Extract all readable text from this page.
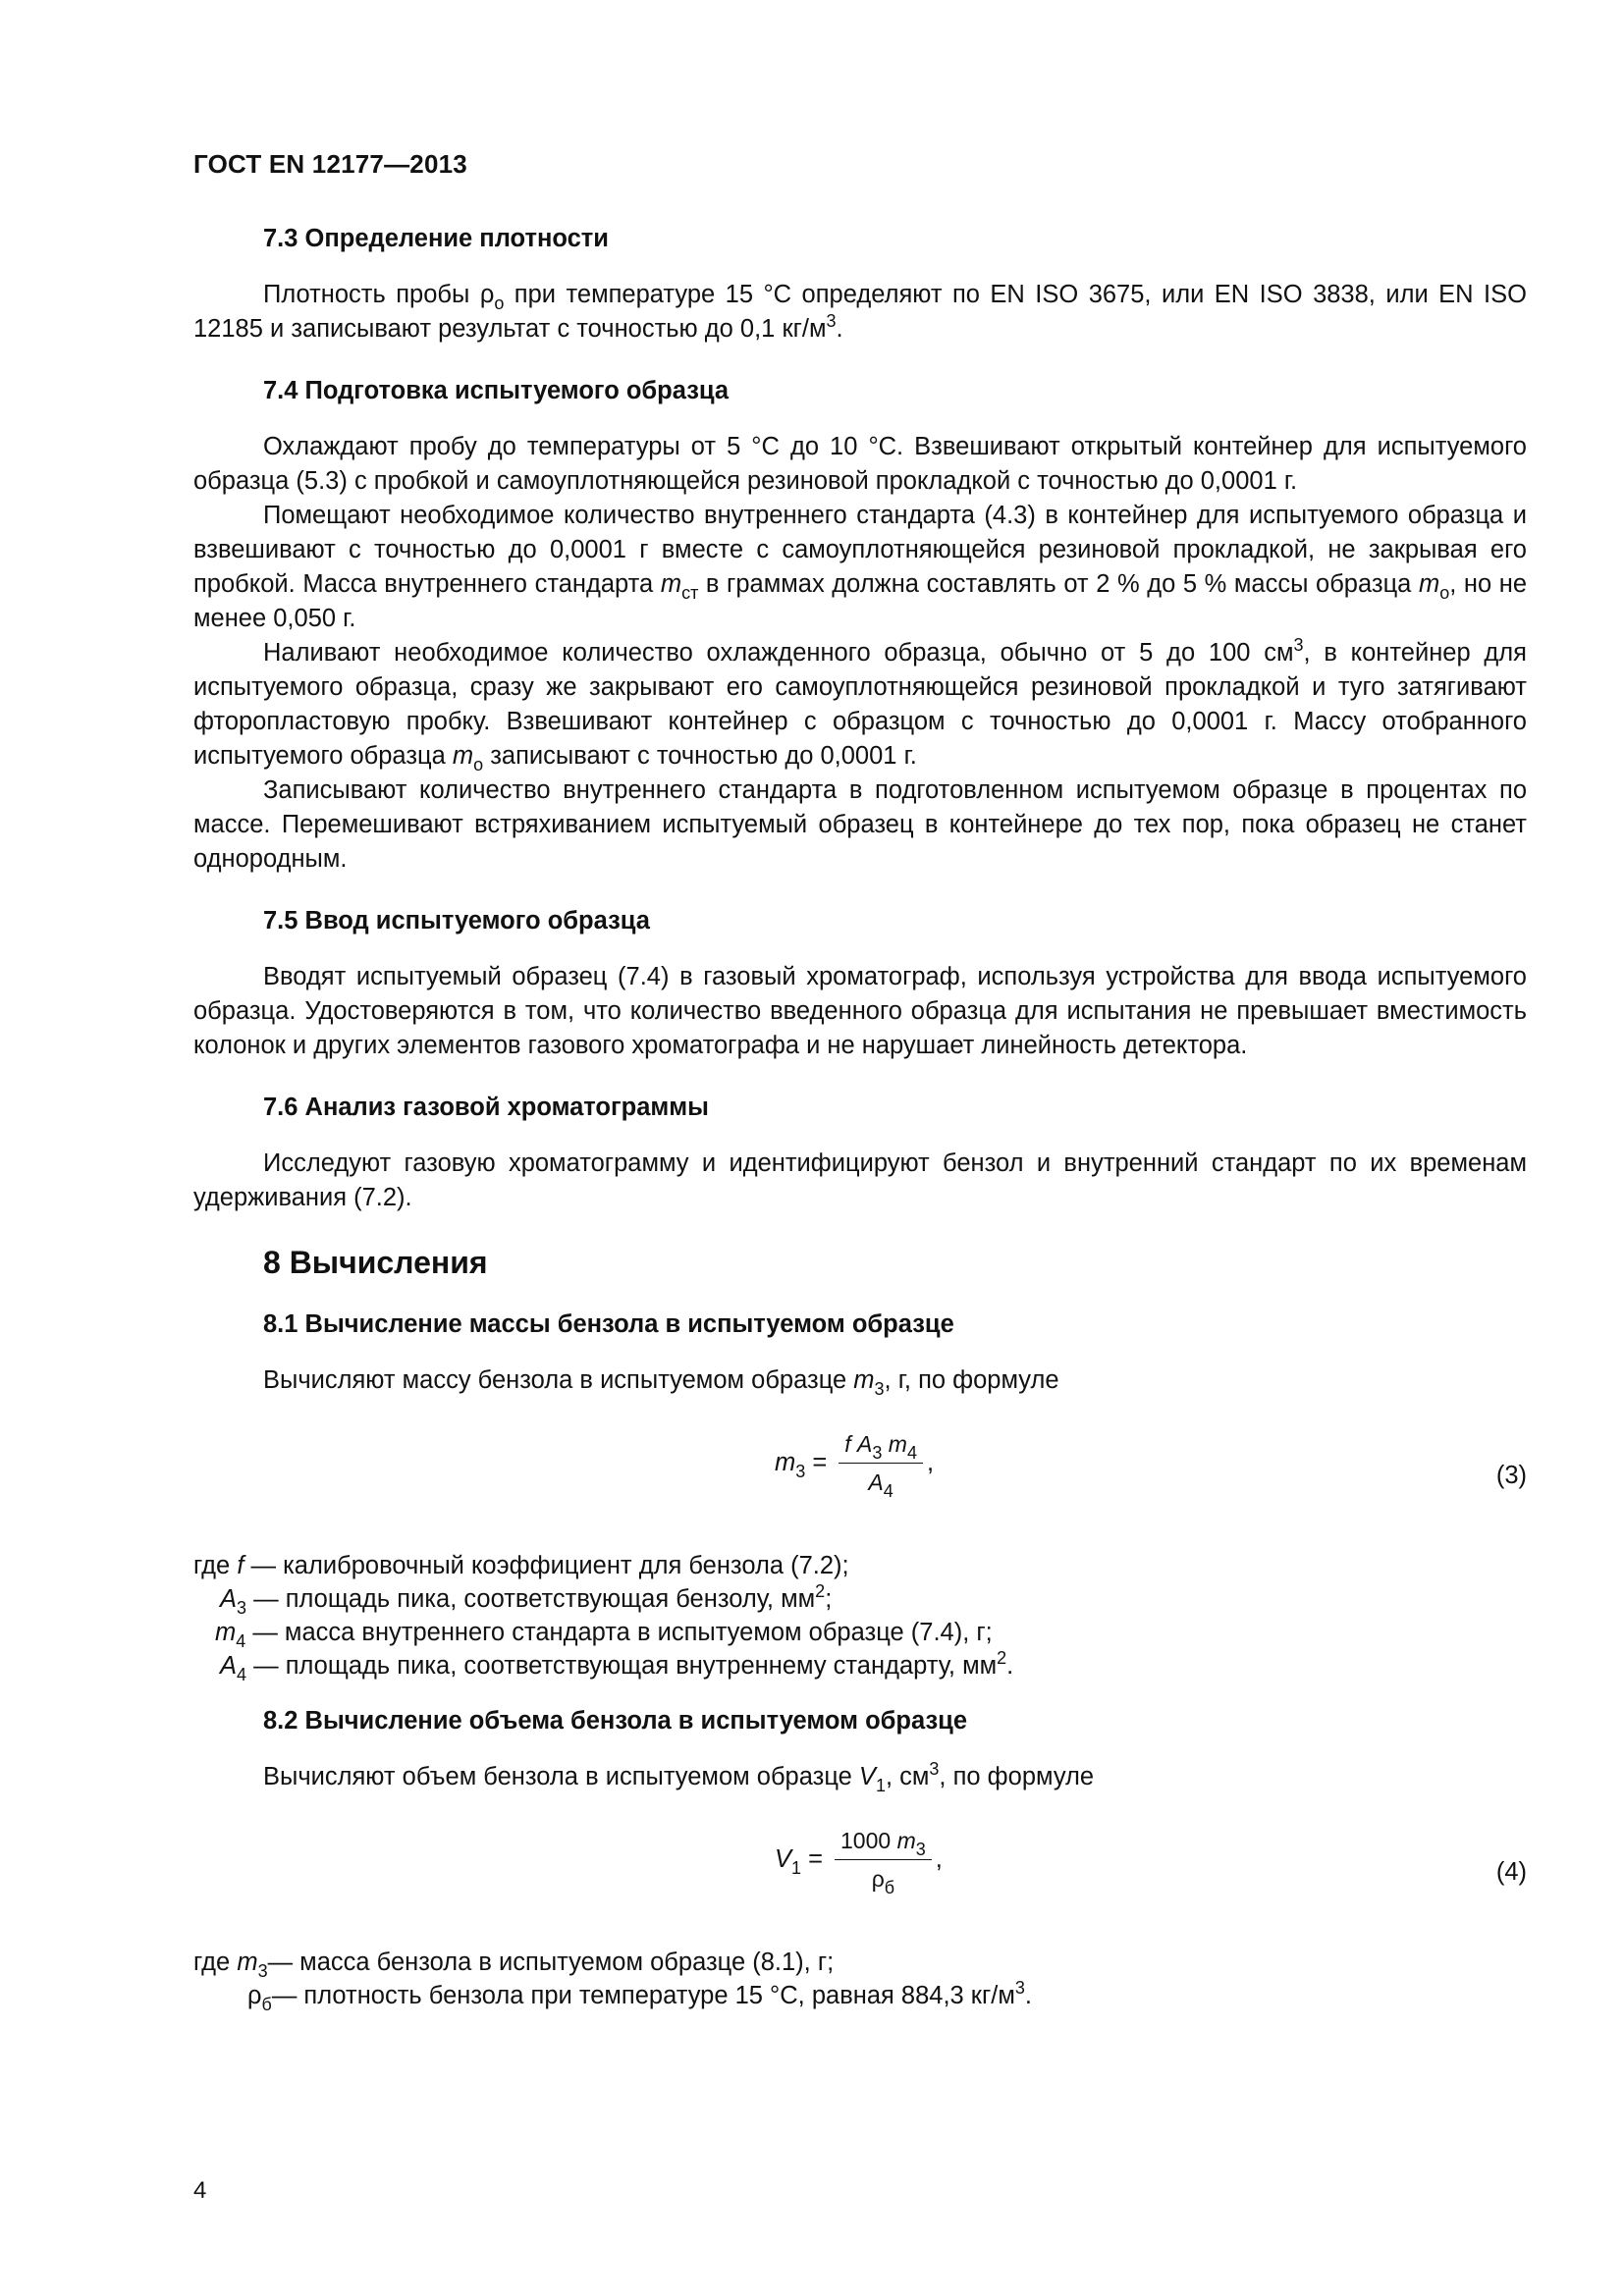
ГОСТ EN 12177—2013
7.3 Определение плотности

Плотность пробы $\rho_о$ при температуре 15 °С определяют по EN ISO 3675, или EN ISO 3838, или EN ISO 12185 и записывают результат с точностью до 0,1 $кг/м^3$.

7.4 Подготовка испытуемого образца

Охлаждают пробу до температуры от 5 °С до 10 °С. Взвешивают открытый контейнер для испытуемого образца (5.3) с пробкой и самоуплотняющейся резиновой прокладкой с точностью до 0,0001 г.

Помещают необходимое количество внутреннего стандарта (4.3) в контейнер для испытуемого образца и взвешивают с точностью до 0,0001 г вместе с самоуплотняющейся резиновой прокладкой, не закрывая его пробкой. Масса внутреннего стандарта $m_{ст}$ в граммах должна составлять от 2 % до 5 % массы образца $m_о$, но не менее 0,050 г.

Наливают необходимое количество охлажденного образца, обычно от 5 до 100 $см^3$, в контейнер для испытуемого образца, сразу же закрывают его самоуплотняющейся резиновой прокладкой и туго затягивают фторопластовую пробку. Взвешивают контейнер с образцом с точностью до 0,0001 г. Массу отобранного испытуемого образца $m_о$ записывают с точностью до 0,0001 г.

Записывают количество внутреннего стандарта в подготовленном испытуемом образце в процентах по массе. Перемешивают встряхиванием испытуемый образец в контейнере до тех пор, пока образец не станет однородным.

7.5 Ввод испытуемого образца

Вводят испытуемый образец (7.4) в газовый хроматограф, используя устройства для ввода испытуемого образца. Удостоверяются в том, что количество введенного образца для испытания не превышает вместимость колонок и других элементов газового хроматографа и не нарушает линейность детектора.

7.6 Анализ газовой хроматограммы

Исследуют газовую хроматограмму и идентифицируют бензол и внутренний стандарт по их временам удерживания (7.2).

8 Вычисления
8.1 Вычисление массы бензола в испытуемом образце

Вычисляют массу бензола в испытуемом образце $m_3$, г, по формуле

$m_3 = \frac{f A_3 m_4}{A_4}$ ,	(3)
где f — калибровочный коэффициент для бензола (7.2);
$A_3$ — площадь пика, соответствующая бензолу, $мм^2$;
$m_4$ — масса внутреннего стандарта в испытуемом образце (7.4), г;
$A_4$ — площадь пика, соответствующая внутреннему стандарту, $мм^2$.
8.2 Вычисление объема бензола в испытуемом образце

Вычисляют объем бензола в испытуемом образце $V_1$, $см^3$, по формуле

$V_1 = \frac{1000 m_3}{\rho_б}$ ,	(4)
где $m_3—$ масса бензола в испытуемом образце (8.1), г;
$\rho_б—$ плотность бензола при температуре 15 °С, равная 884,3 $кг/м^3$.
4
